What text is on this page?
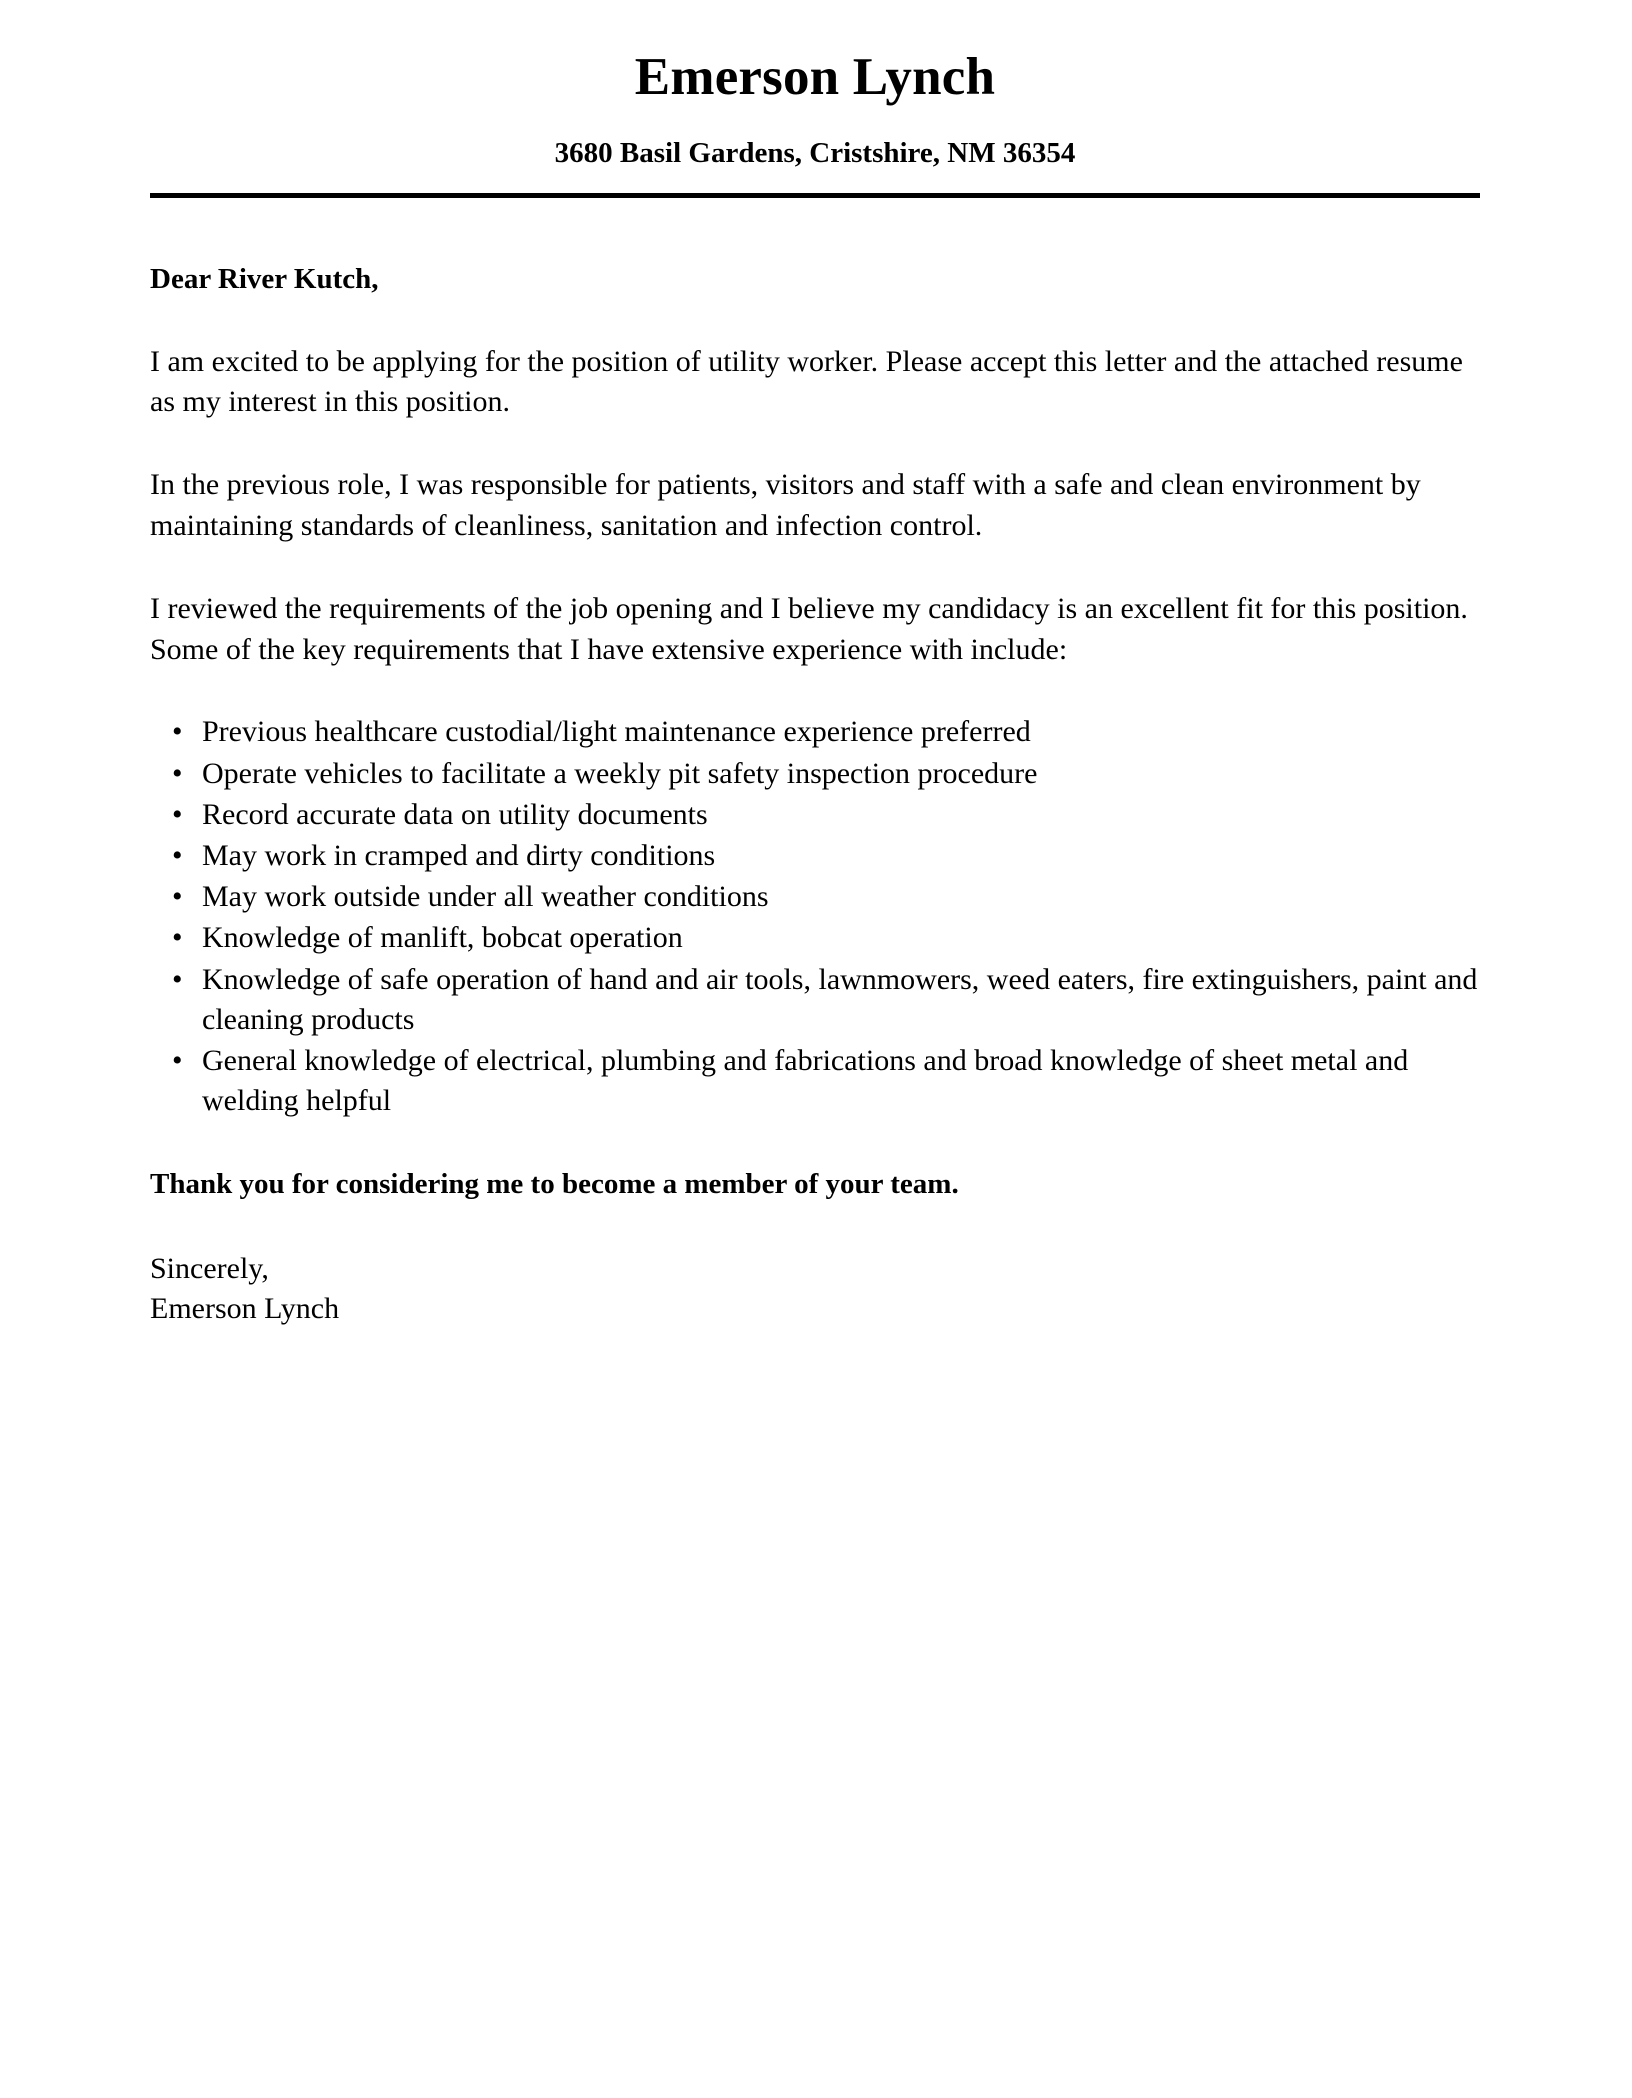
Emerson Lynch
3680 Basil Gardens, Cristshire, NM 36354

Dear River Kutch,

I am excited to be applying for the position of utility worker. Please accept this letter and the attached resume as my interest in this position.

In the previous role, I was responsible for patients, visitors and staff with a safe and clean environment by maintaining standards of cleanliness, sanitation and infection control.

I reviewed the requirements of the job opening and I believe my candidacy is an excellent fit for this position. Some of the key requirements that I have extensive experience with include:

• Previous healthcare custodial/light maintenance experience preferred
• Operate vehicles to facilitate a weekly pit safety inspection procedure
• Record accurate data on utility documents
• May work in cramped and dirty conditions
• May work outside under all weather conditions
• Knowledge of manlift, bobcat operation
• Knowledge of safe operation of hand and air tools, lawnmowers, weed eaters, fire extinguishers, paint and cleaning products
• General knowledge of electrical, plumbing and fabrications and broad knowledge of sheet metal and welding helpful

Thank you for considering me to become a member of your team.

Sincerely,
Emerson Lynch
